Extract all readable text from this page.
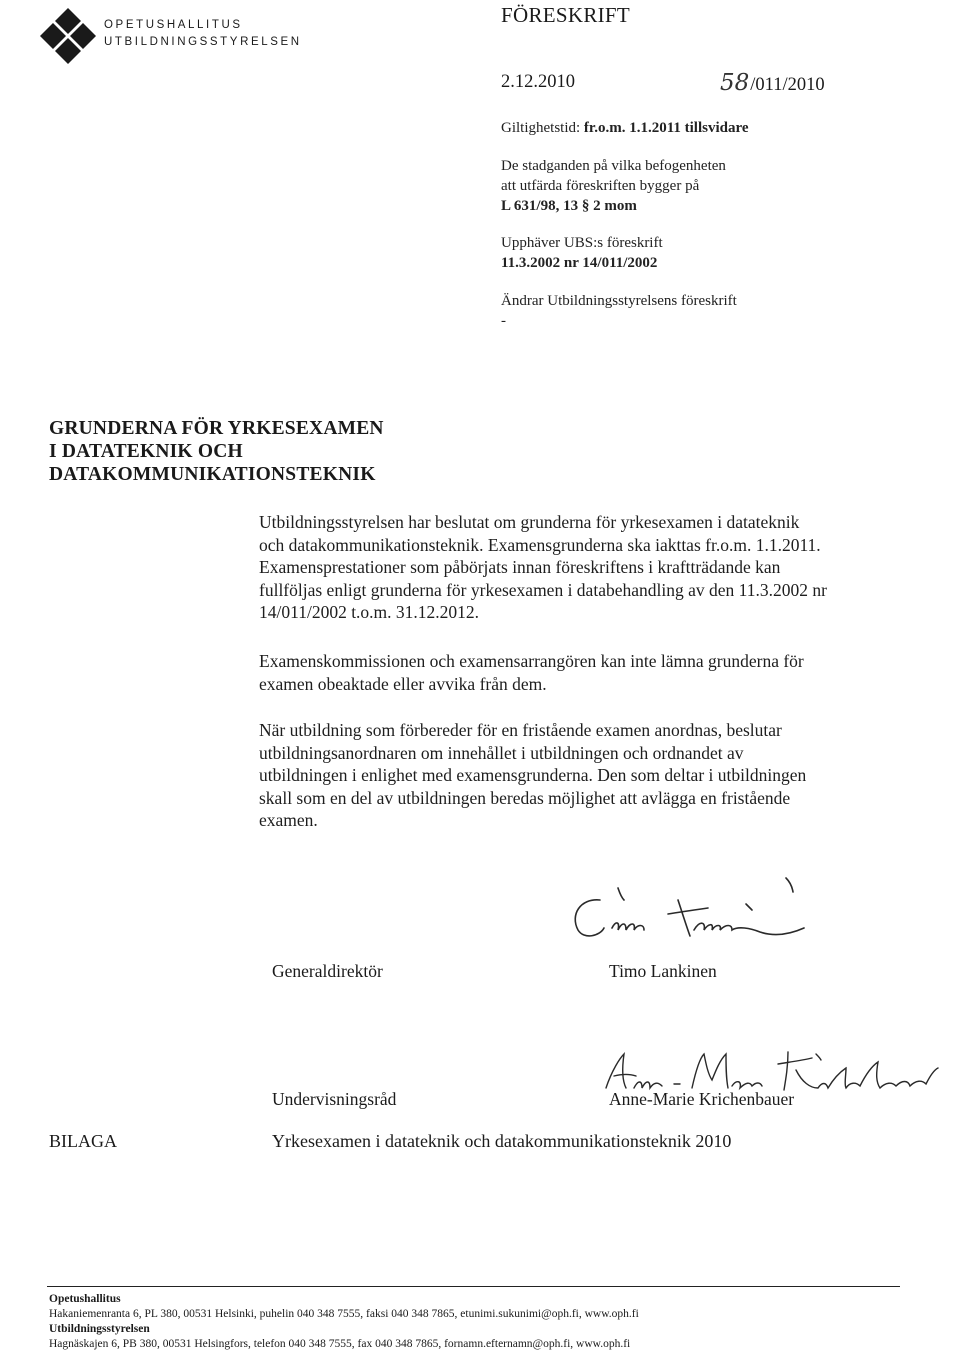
OPETUSHALLITUS
UTBILDNINGSSTYRELSEN
FÖRESKRIFT
2.12.2010	58/011/2010
Giltighetstid: fr.o.m. 1.1.2011 tillsvidare
De stadganden på vilka befogenheten
att utfärda föreskriften bygger på
L 631/98, 13 § 2 mom
Upphäver UBS:s föreskrift
11.3.2002 nr 14/011/2002
Ändrar Utbildningsstyrelsens föreskrift
-
GRUNDERNA FÖR YRKESEXAMEN
I DATATEKNIK OCH
DATAKOMMUNIKATIONSTEKNIK
Utbildningsstyrelsen har beslutat om grunderna för yrkesexamen i datateknik
och datakommunikationsteknik. Examensgrunderna ska iakttas fr.o.m. 1.1.2011.
Examensprestationer som påbörjats innan föreskriftens i kraftträdande kan
fullföljas enligt grunderna för yrkesexamen i databehandling av den 11.3.2002 nr
14/011/2002 t.o.m. 31.12.2012.
Examenskommissionen och examensarrangören kan inte lämna grunderna för
examen obeaktade eller avvika från dem.
När utbildning som förbereder för en fristående examen anordnas, beslutar
utbildningsanordnaren om innehållet i utbildningen och ordnandet av
utbildningen i enlighet med examensgrunderna. Den som deltar i utbildningen
skall som en del av utbildningen beredas möjlighet att avlägga en fristående
examen.
Generaldirektör	Timo Lankinen
Undervisningsråd	Anne-Marie Krichenbauer
BILAGA	Yrkesexamen i datateknik och datakommunikationsteknik 2010
Opetushallitus
Hakaniemenranta 6, PL 380, 00531 Helsinki, puhelin 040 348 7555, faksi 040 348 7865, etunimi.sukunimi@oph.fi, www.oph.fi
Utbildningsstyrelsen
Hagnäskajen 6, PB 380, 00531 Helsingfors, telefon 040 348 7555, fax 040 348 7865, fornamn.efternamn@oph.fi, www.oph.fi
